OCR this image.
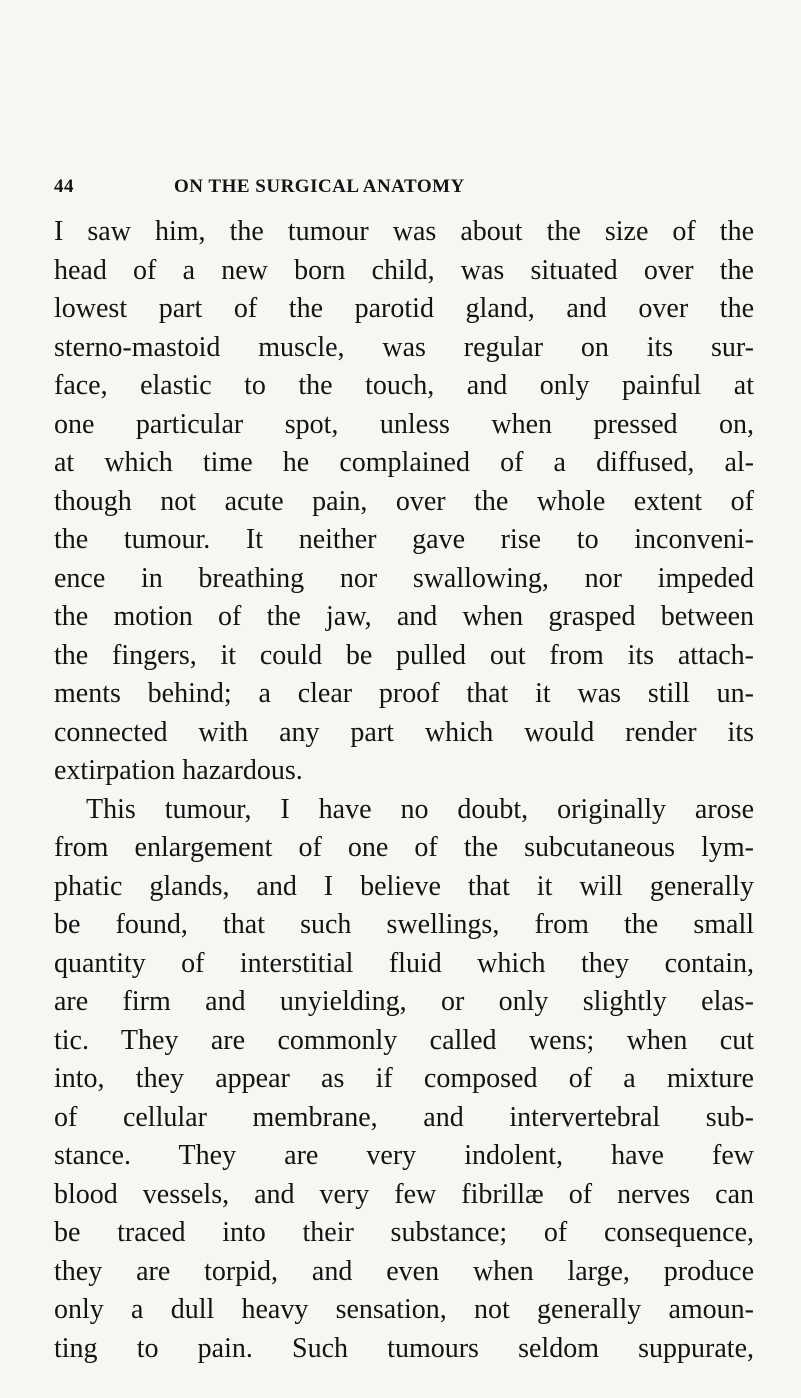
44	ON THE SURGICAL ANATOMY
I saw him, the tumour was about the size of the
head of a new born child, was situated over the
lowest part of the parotid gland, and over the
sterno-mastoid muscle, was regular on its sur-
face, elastic to the touch, and only painful at
one particular spot, unless when pressed on,
at which time he complained of a diffused, al-
though not acute pain, over the whole extent of
the tumour. It neither gave rise to inconveni-
ence in breathing nor swallowing, nor impeded
the motion of the jaw, and when grasped between
the fingers, it could be pulled out from its attach-
ments behind; a clear proof that it was still un-
connected with any part which would render its
extirpation hazardous.
This tumour, I have no doubt, originally arose
from enlargement of one of the subcutaneous lym-
phatic glands, and I believe that it will generally
be found, that such swellings, from the small
quantity of interstitial fluid which they contain,
are firm and unyielding, or only slightly elas-
tic. They are commonly called wens; when cut
into, they appear as if composed of a mixture
of cellular membrane, and intervertebral sub-
stance. They are very indolent, have few
blood vessels, and very few fibrillæ of nerves can
be traced into their substance; of consequence,
they are torpid, and even when large, produce
only a dull heavy sensation, not generally amoun-
ting to pain. Such tumours seldom suppurate,
